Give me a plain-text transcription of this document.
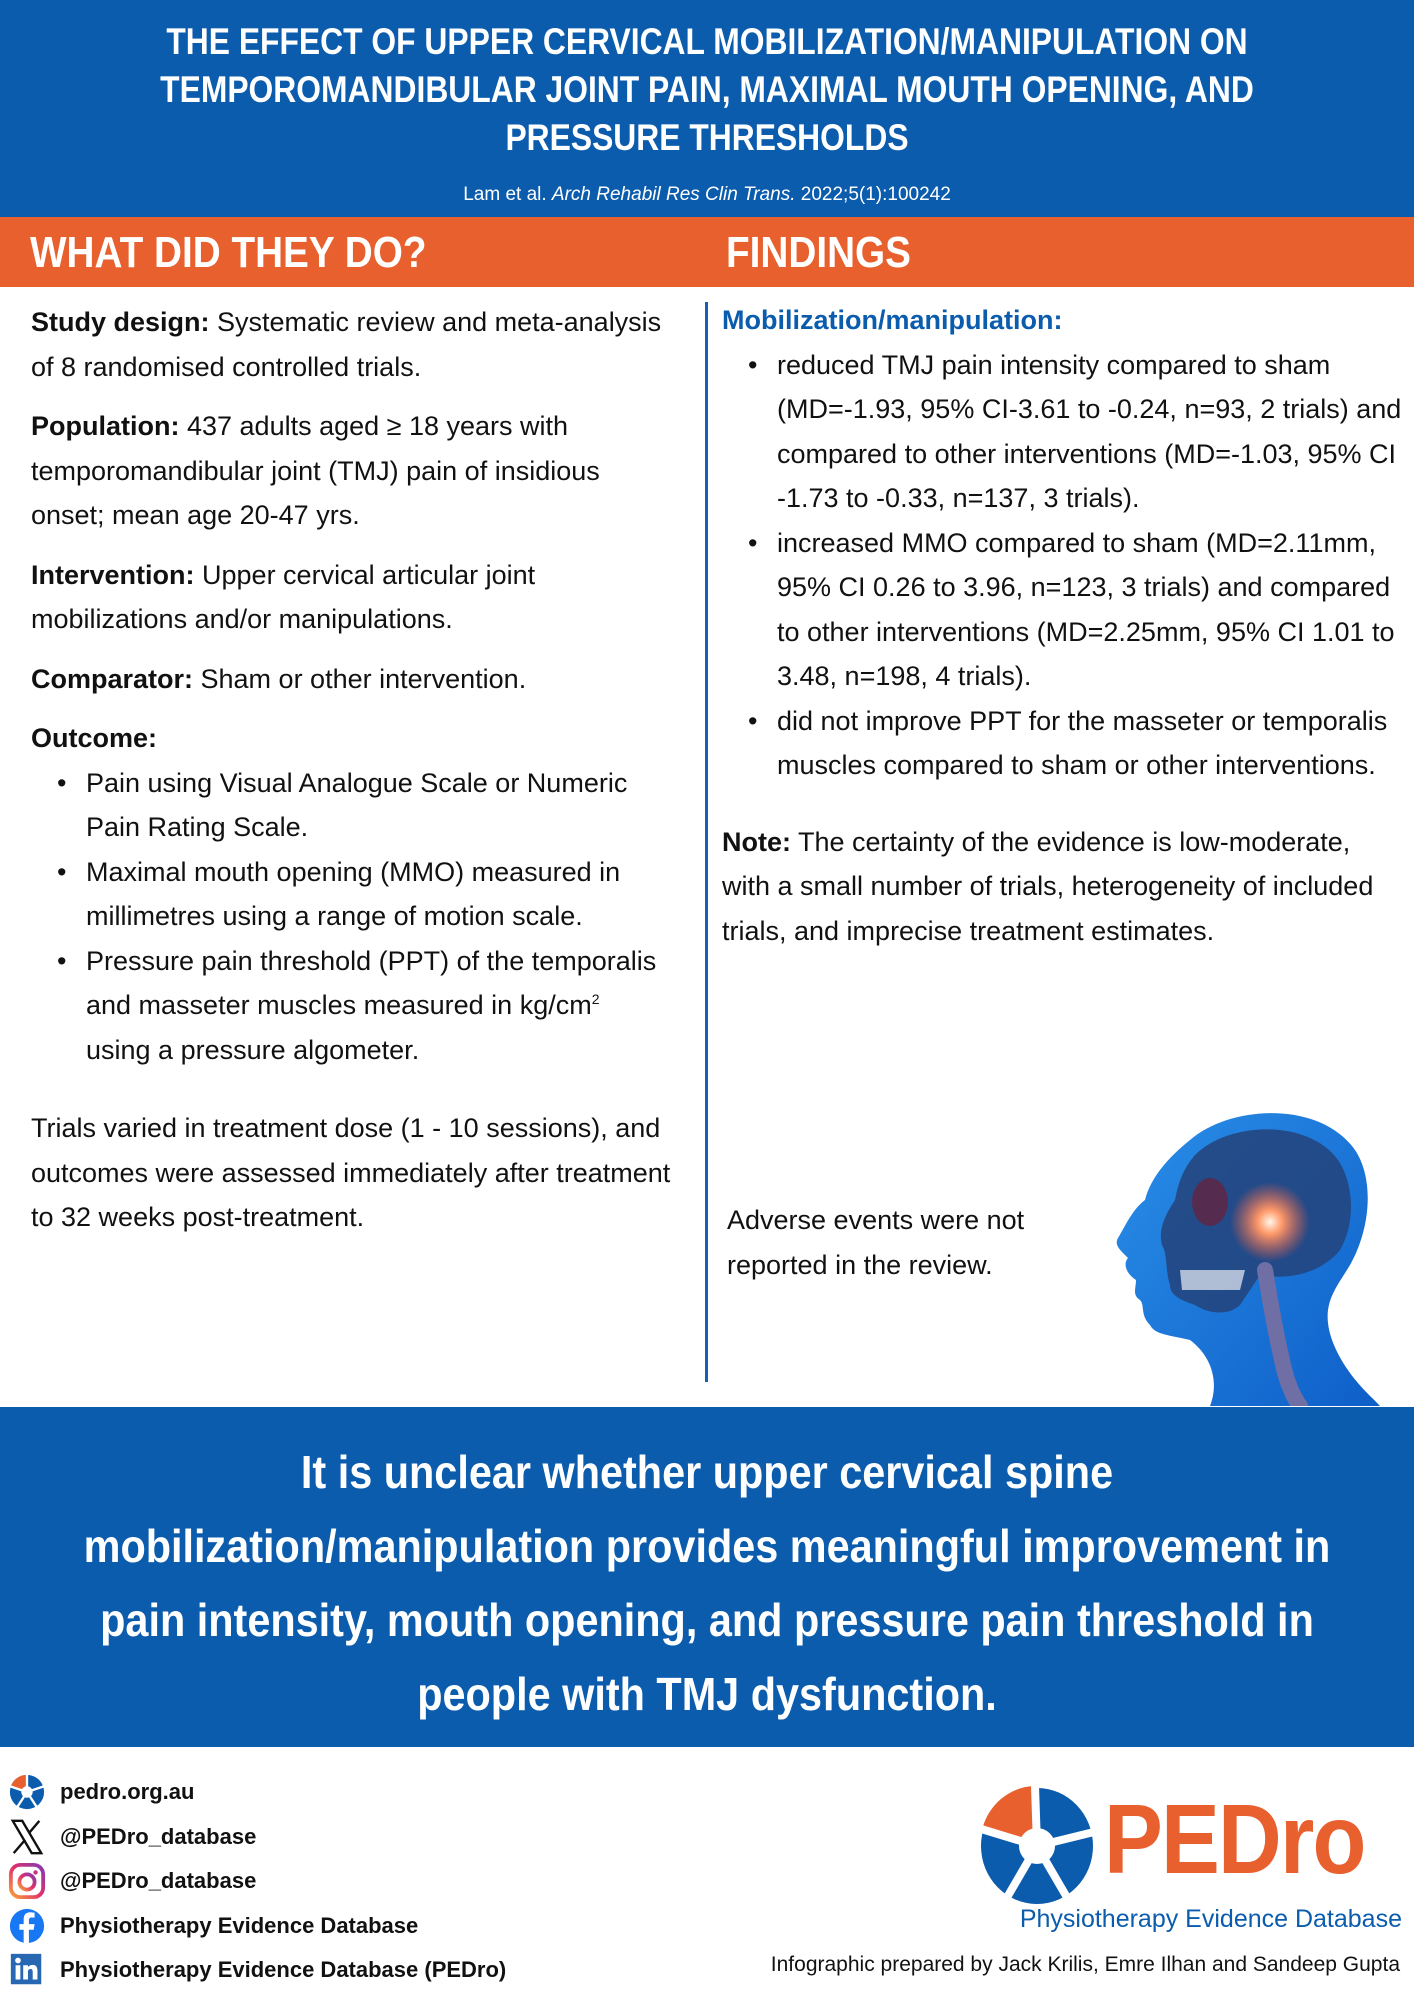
THE EFFECT OF UPPER CERVICAL MOBILIZATION/MANIPULATION ON TEMPOROMANDIBULAR JOINT PAIN, MAXIMAL MOUTH OPENING, AND PRESSURE THRESHOLDS
Lam et al. Arch Rehabil Res Clin Trans. 2022;5(1):100242
WHAT DID THEY DO?	FINDINGS

Study design: Systematic review and meta-analysis of 8 randomised controlled trials.

Population: 437 adults aged ≥ 18 years with temporomandibular joint (TMJ) pain of insidious onset; mean age 20-47 yrs.

Intervention: Upper cervical articular joint mobilizations and/or manipulations.

Comparator: Sham or other intervention.

Outcome:
• Pain using Visual Analogue Scale or Numeric Pain Rating Scale.
• Maximal mouth opening (MMO) measured in millimetres using a range of motion scale.
• Pressure pain threshold (PPT) of the temporalis and masseter muscles measured in $kg/cm^2$ using a pressure algometer.

Trials varied in treatment dose (1 - 10 sessions), and outcomes were assessed immediately after treatment to 32 weeks post-treatment.

Mobilization/manipulation:
• reduced TMJ pain intensity compared to sham (MD=-1.93, 95% CI-3.61 to -0.24, n=93, 2 trials) and compared to other interventions (MD=-1.03, 95% CI -1.73 to -0.33, n=137, 3 trials).
• increased MMO compared to sham (MD=2.11mm, 95% CI 0.26 to 3.96, n=123, 3 trials) and compared to other interventions (MD=2.25mm, 95% CI 1.01 to 3.48, n=198, 4 trials).
• did not improve PPT for the masseter or temporalis muscles compared to sham or other interventions.

Note: The certainty of the evidence is low-moderate, with a small number of trials, heterogeneity of included trials, and imprecise treatment estimates.

Adverse events were not reported in the review.

It is unclear whether upper cervical spine mobilization/manipulation provides meaningful improvement in pain intensity, mouth opening, and pressure pain threshold in people with TMJ dysfunction.
pedro.org.au
@PEDro_database
@PEDro_database
Physiotherapy Evidence Database
Physiotherapy Evidence Database (PEDro)
PEDro
Physiotherapy Evidence Database
Infographic prepared by Jack Krilis, Emre Ilhan and Sandeep Gupta
